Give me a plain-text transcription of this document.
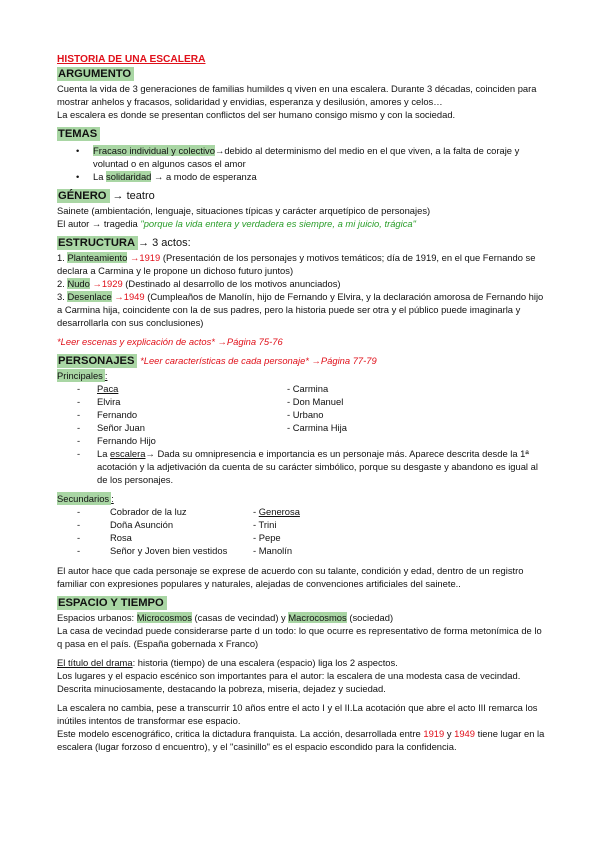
HISTORIA DE UNA ESCALERA
ARGUMENTO

Cuenta la vida de 3 generaciones de familias humildes q viven en una escalera. Durante 3 décadas, coinciden para mostrar anhelos y fracasos, solidaridad y envidias, esperanza y desilusión, amores y celos…

La escalera es donde se presentan conflictos del ser humano consigo mismo y con la sociedad.

TEMAS
• Fracaso individual y colectivo→debido al determinismo del medio en el que viven, a la falta de coraje y voluntad o en algunos casos el amor
• La solidaridad → a modo de esperanza
GÉNERO → teatro

Sainete (ambientación, lenguaje, situaciones típicas y carácter arquetípico de personajes)

El autor → tragedia "porque la vida entera y verdadera es siempre, a mi juicio, trágica"

ESTRUCTURA → 3 actos:

1. Planteamiento →1919 (Presentación de los personajes y motivos temáticos; día de 1919, en el que Fernando se declara a Carmina y le propone un dichoso futuro juntos)

2. Nudo →1929 (Destinado al desarrollo de los motivos anunciados)

3. Desenlace →1949 (Cumpleaños de Manolín, hijo de Fernando y Elvira, y la declaración amorosa de Fernando hijo a Carmina hija, coincidente con la de sus padres, pero la historia puede ser otra y el público puede imaginarla y desarrollarla con sus conclusiones)

*Leer escenas y explicación de actos* →Página 75-76

PERSONAJES *Leer características de cada personaje* →Página 77-79
Principales :
-	Paca	- Carmina
-	Elvira	- Don Manuel
-	Fernando	- Urbano
-	Señor Juan	- Carmina Hija
-	Fernando Hijo
-	La escalera→ Dada su omnipresencia e importancia es un personaje más. Aparece descrita desde la 1ª acotación y la adjetivación da cuenta de su carácter simbólico, porque su desgaste y abandono es igual al de los personajes.
Secundarios :
-	Cobrador de la luz	- Generosa
-	Doña Asunción	- Trini
-	Rosa	- Pepe
-	Señor y Joven bien vestidos	- Manolín

El autor hace que cada personaje se exprese de acuerdo con su talante, condición y edad, dentro de un registro familiar con expresiones populares y naturales, alejadas de convenciones artificiales del sainete..

ESPACIO Y TIEMPO

Espacios urbanos: Microcosmos (casas de vecindad) y Macrocosmos (sociedad)

La casa de vecindad puede considerarse parte d un todo: lo que ocurre es representativo de forma metonímica de lo q pasa en el país. (España gobernada x Franco)

El título del drama: historia (tiempo) de una escalera (espacio) liga los 2 aspectos.

Los lugares y el espacio escénico son importantes para el autor: la escalera de una modesta casa de vecindad. Descrita minuciosamente, destacando la pobreza, miseria, dejadez y suciedad.

La escalera no cambia, pese a transcurrir 10 años entre el acto I y el II.La acotación que abre el acto III remarca los inútiles intentos de transformar ese espacio.

Este modelo escenográfico, critica la dictadura franquista. La acción, desarrollada entre 1919 y 1949 tiene lugar en la escalera (lugar forzoso d encuentro), y el "casinillo" es el espacio escondido para la confidencia.
